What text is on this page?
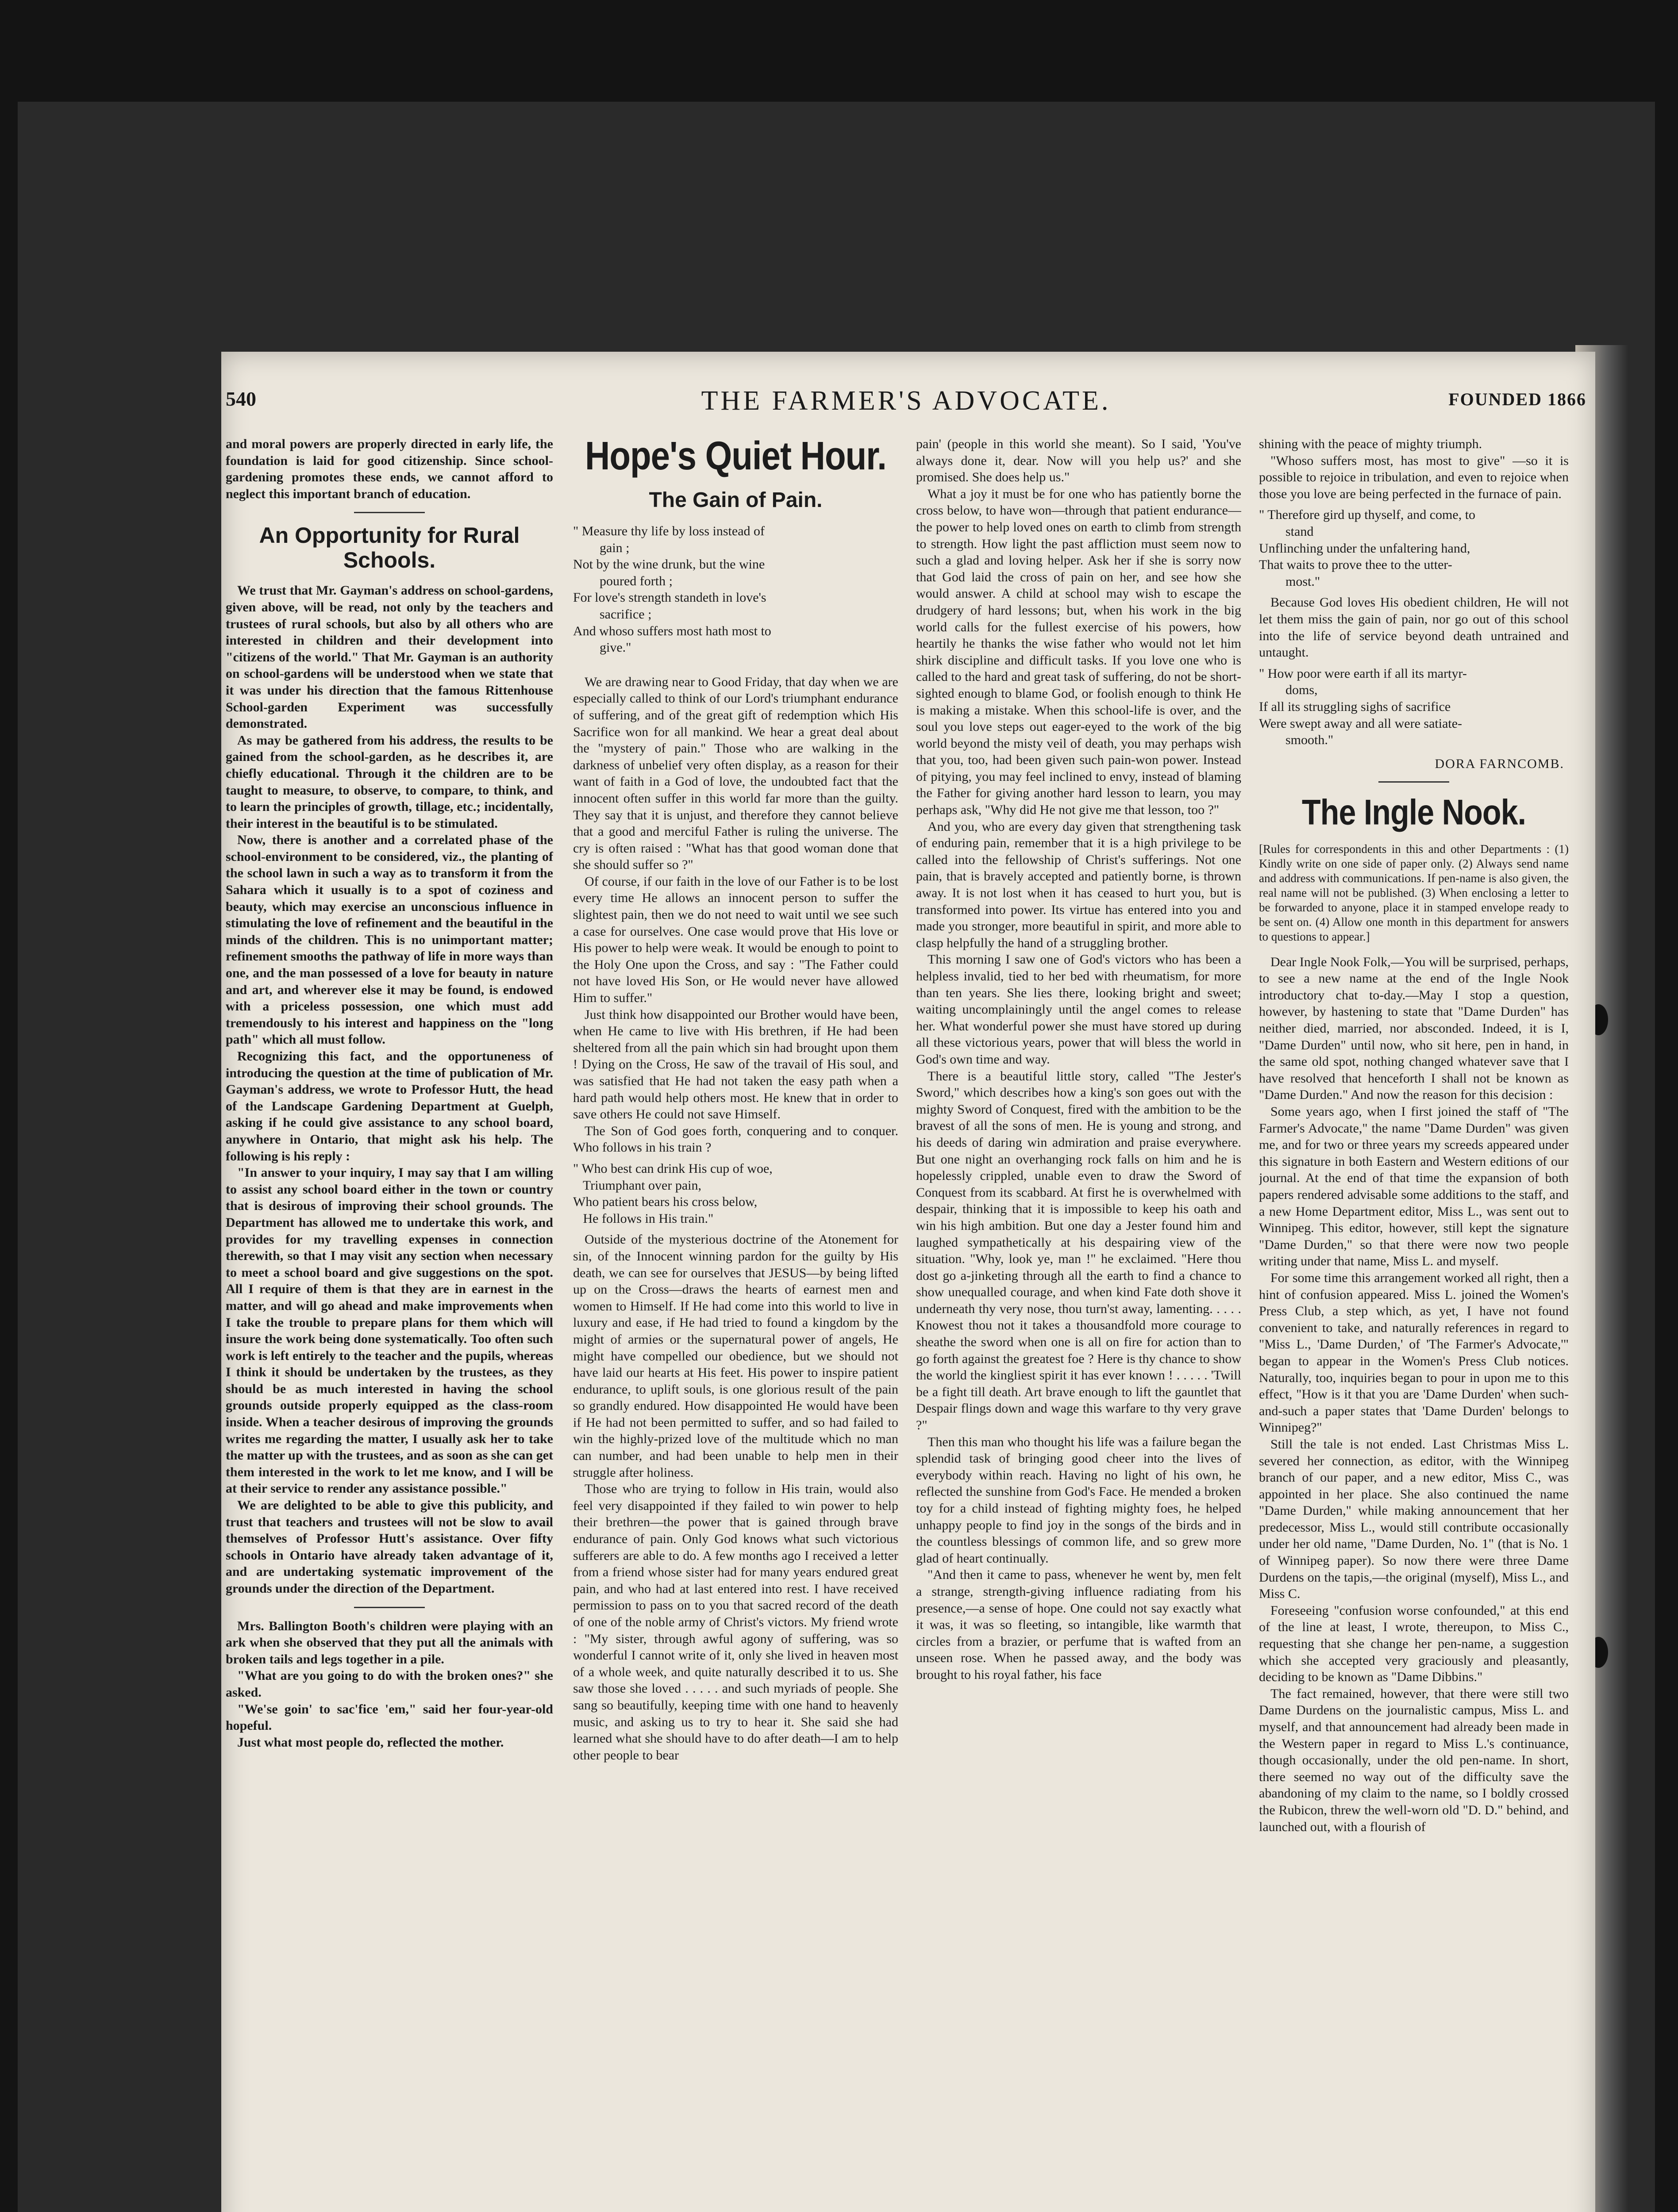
540	THE FARMER'S ADVOCATE.	FOUNDED 1866

and moral powers are properly directed in early life, the foundation is laid for good citizenship. Since school-gardening promotes these ends, we cannot afford to neglect this important branch of education.

An Opportunity for Rural Schools.

We trust that Mr. Gayman's address on school-gardens, given above, will be read, not only by the teachers and trustees of rural schools, but also by all others who are interested in children and their development into "citizens of the world." That Mr. Gayman is an authority on school-gardens will be understood when we state that it was under his direction that the famous Rittenhouse School-garden Experiment was successfully demonstrated.

As may be gathered from his address, the results to be gained from the school-garden, as he describes it, are chiefly educational. Through it the children are to be taught to measure, to observe, to compare, to think, and to learn the principles of growth, tillage, etc.; incidentally, their interest in the beautiful is to be stimulated.

Now, there is another and a correlated phase of the school-environment to be considered, viz., the planting of the school lawn in such a way as to transform it from the Sahara which it usually is to a spot of coziness and beauty, which may exercise an unconscious influence in stimulating the love of refinement and the beautiful in the minds of the children. This is no unimportant matter; refinement smooths the pathway of life in more ways than one, and the man possessed of a love for beauty in nature and art, and wherever else it may be found, is endowed with a priceless possession, one which must add tremendously to his interest and happiness on the "long path" which all must follow.

Recognizing this fact, and the opportuneness of introducing the question at the time of publication of Mr. Gayman's address, we wrote to Professor Hutt, the head of the Landscape Gardening Department at Guelph, asking if he could give assistance to any school board, anywhere in Ontario, that might ask his help. The following is his reply :

"In answer to your inquiry, I may say that I am willing to assist any school board either in the town or country that is desirous of improving their school grounds. The Department has allowed me to undertake this work, and provides for my travelling expenses in connection therewith, so that I may visit any section when necessary to meet a school board and give suggestions on the spot. All I require of them is that they are in earnest in the matter, and will go ahead and make improvements when I take the trouble to prepare plans for them which will insure the work being done systematically. Too often such work is left entirely to the teacher and the pupils, whereas I think it should be undertaken by the trustees, as they should be as much interested in having the school grounds outside properly equipped as the class-room inside. When a teacher desirous of improving the grounds writes me regarding the matter, I usually ask her to take the matter up with the trustees, and as soon as she can get them interested in the work to let me know, and I will be at their service to render any assistance possible."

We are delighted to be able to give this publicity, and trust that teachers and trustees will not be slow to avail themselves of Professor Hutt's assistance. Over fifty schools in Ontario have already taken advantage of it, and are undertaking systematic improvement of the grounds under the direction of the Department.

Mrs. Ballington Booth's children were playing with an ark when she observed that they put all the animals with broken tails and legs together in a pile.

"What are you going to do with the broken ones?" she asked.

"We'se goin' to sac'fice 'em," said her four-year-old hopeful.

Just what most people do, reflected the mother.

Hope's Quiet Hour.
The Gain of Pain.
" Measure thy life by loss instead of
gain ;
Not by the wine drunk, but the wine
poured forth ;
For love's strength standeth in love's
sacrifice ;
And whoso suffers most hath most to
give."

We are drawing near to Good Friday, that day when we are especially called to think of our Lord's triumphant endurance of suffering, and of the great gift of redemption which His Sacrifice won for all mankind. We hear a great deal about the "mystery of pain." Those who are walking in the darkness of unbelief very often display, as a reason for their want of faith in a God of love, the undoubted fact that the innocent often suffer in this world far more than the guilty. They say that it is unjust, and therefore they cannot believe that a good and merciful Father is ruling the universe. The cry is often raised : "What has that good woman done that she should suffer so ?"

Of course, if our faith in the love of our Father is to be lost every time He allows an innocent person to suffer the slightest pain, then we do not need to wait until we see such a case for ourselves. One case would prove that His love or His power to help were weak. It would be enough to point to the Holy One upon the Cross, and say : "The Father could not have loved His Son, or He would never have allowed Him to suffer."

Just think how disappointed our Brother would have been, when He came to live with His brethren, if He had been sheltered from all the pain which sin had brought upon them ! Dying on the Cross, He saw of the travail of His soul, and was satisfied that He had not taken the easy path when a hard path would help others most. He knew that in order to save others He could not save Himself.

The Son of God goes forth, conquering and to conquer. Who follows in his train ?

" Who best can drink His cup of woe,
Triumphant over pain,
Who patient bears his cross below,
He follows in His train."

Outside of the mysterious doctrine of the Atonement for sin, of the Innocent winning pardon for the guilty by His death, we can see for ourselves that JESUS—by being lifted up on the Cross—draws the hearts of earnest men and women to Himself. If He had come into this world to live in luxury and ease, if He had tried to found a kingdom by the might of armies or the supernatural power of angels, He might have compelled our obedience, but we should not have laid our hearts at His feet. His power to inspire patient endurance, to uplift souls, is one glorious result of the pain so grandly endured. How disappointed He would have been if He had not been permitted to suffer, and so had failed to win the highly-prized love of the multitude which no man can number, and had been unable to help men in their struggle after holiness.

Those who are trying to follow in His train, would also feel very disappointed if they failed to win power to help their brethren—the power that is gained through brave endurance of pain. Only God knows what such victorious sufferers are able to do. A few months ago I received a letter from a friend whose sister had for many years endured great pain, and who had at last entered into rest. I have received permission to pass on to you that sacred record of the death of one of the noble army of Christ's victors. My friend wrote : "My sister, through awful agony of suffering, was so wonderful I cannot write of it, only she lived in heaven most of a whole week, and quite naturally described it to us. She saw those she loved . . . . . and such myriads of people. She sang so beautifully, keeping time with one hand to heavenly music, and asking us to try to hear it. She said she had learned what she should have to do after death—I am to help other people to bear

pain' (people in this world she meant). So I said, 'You've always done it, dear. Now will you help us?' and she promised. She does help us."

What a joy it must be for one who has patiently borne the cross below, to have won—through that patient endurance—the power to help loved ones on earth to climb from strength to strength. How light the past affliction must seem now to such a glad and loving helper. Ask her if she is sorry now that God laid the cross of pain on her, and see how she would answer. A child at school may wish to escape the drudgery of hard lessons; but, when his work in the big world calls for the fullest exercise of his powers, how heartily he thanks the wise father who would not let him shirk discipline and difficult tasks. If you love one who is called to the hard and great task of suffering, do not be short-sighted enough to blame God, or foolish enough to think He is making a mistake. When this school-life is over, and the soul you love steps out eager-eyed to the work of the big world beyond the misty veil of death, you may perhaps wish that you, too, had been given such pain-won power. Instead of pitying, you may feel inclined to envy, instead of blaming the Father for giving another hard lesson to learn, you may perhaps ask, "Why did He not give me that lesson, too ?"

And you, who are every day given that strengthening task of enduring pain, remember that it is a high privilege to be called into the fellowship of Christ's sufferings. Not one pain, that is bravely accepted and patiently borne, is thrown away. It is not lost when it has ceased to hurt you, but is transformed into power. Its virtue has entered into you and made you stronger, more beautiful in spirit, and more able to clasp helpfully the hand of a struggling brother.

This morning I saw one of God's victors who has been a helpless invalid, tied to her bed with rheumatism, for more than ten years. She lies there, looking bright and sweet; waiting uncomplainingly until the angel comes to release her. What wonderful power she must have stored up during all these victorious years, power that will bless the world in God's own time and way.

There is a beautiful little story, called "The Jester's Sword," which describes how a king's son goes out with the mighty Sword of Conquest, fired with the ambition to be the bravest of all the sons of men. He is young and strong, and his deeds of daring win admiration and praise everywhere. But one night an overhanging rock falls on him and he is hopelessly crippled, unable even to draw the Sword of Conquest from its scabbard. At first he is overwhelmed with despair, thinking that it is impossible to keep his oath and win his high ambition. But one day a Jester found him and laughed sympathetically at his despairing view of the situation. "Why, look ye, man !" he exclaimed. "Here thou dost go a-jinketing through all the earth to find a chance to show unequalled courage, and when kind Fate doth shove it underneath thy very nose, thou turn'st away, lamenting. . . . . Knowest thou not it takes a thousandfold more courage to sheathe the sword when one is all on fire for action than to go forth against the greatest foe ? Here is thy chance to show the world the kingliest spirit it has ever known ! . . . . . 'Twill be a fight till death. Art brave enough to lift the gauntlet that Despair flings down and wage this warfare to thy very grave ?"

Then this man who thought his life was a failure began the splendid task of bringing good cheer into the lives of everybody within reach. Having no light of his own, he reflected the sunshine from God's Face. He mended a broken toy for a child instead of fighting mighty foes, he helped unhappy people to find joy in the songs of the birds and in the countless blessings of common life, and so grew more glad of heart continually.

"And then it came to pass, whenever he went by, men felt a strange, strength-giving influence radiating from his presence,—a sense of hope. One could not say exactly what it was, it was so fleeting, so intangible, like warmth that circles from a brazier, or perfume that is wafted from an unseen rose. When he passed away, and the body was brought to his royal father, his face

shining with the peace of mighty triumph.

"Whoso suffers most, has most to give" —so it is possible to rejoice in tribulation, and even to rejoice when those you love are being perfected in the furnace of pain.

" Therefore gird up thyself, and come, to
stand
Unflinching under the unfaltering hand,
That waits to prove thee to the utter-
most."

Because God loves His obedient children, He will not let them miss the gain of pain, nor go out of this school into the life of service beyond death untrained and untaught.

" How poor were earth if all its martyr-
doms,
If all its struggling sighs of sacrifice
Were swept away and all were satiate-
smooth."
DORA FARNCOMB.
The Ingle Nook.

[Rules for correspondents in this and other Departments : (1) Kindly write on one side of paper only. (2) Always send name and address with communications. If pen-name is also given, the real name will not be published. (3) When enclosing a letter to be forwarded to anyone, place it in stamped envelope ready to be sent on. (4) Allow one month in this department for answers to questions to appear.]

Dear Ingle Nook Folk,—You will be surprised, perhaps, to see a new name at the end of the Ingle Nook introductory chat to-day.—May I stop a question, however, by hastening to state that "Dame Durden" has neither died, married, nor absconded. Indeed, it is I, "Dame Durden" until now, who sit here, pen in hand, in the same old spot, nothing changed whatever save that I have resolved that henceforth I shall not be known as "Dame Durden." And now the reason for this decision :

Some years ago, when I first joined the staff of "The Farmer's Advocate," the name "Dame Durden" was given me, and for two or three years my screeds appeared under this signature in both Eastern and Western editions of our journal. At the end of that time the expansion of both papers rendered advisable some additions to the staff, and a new Home Department editor, Miss L., was sent out to Winnipeg. This editor, however, still kept the signature "Dame Durden," so that there were now two people writing under that name, Miss L. and myself.

For some time this arrangement worked all right, then a hint of confusion appeared. Miss L. joined the Women's Press Club, a step which, as yet, I have not found convenient to take, and naturally references in regard to "Miss L., 'Dame Durden,' of 'The Farmer's Advocate,'" began to appear in the Women's Press Club notices. Naturally, too, inquiries began to pour in upon me to this effect, "How is it that you are 'Dame Durden' when such-and-such a paper states that 'Dame Durden' belongs to Winnipeg?"

Still the tale is not ended. Last Christmas Miss L. severed her connection, as editor, with the Winnipeg branch of our paper, and a new editor, Miss C., was appointed in her place. She also continued the name "Dame Durden," while making announcement that her predecessor, Miss L., would still contribute occasionally under her old name, "Dame Durden, No. 1" (that is No. 1 of Winnipeg paper). So now there were three Dame Durdens on the tapis,—the original (myself), Miss L., and Miss C.

Foreseeing "confusion worse confounded," at this end of the line at least, I wrote, thereupon, to Miss C., requesting that she change her pen-name, a suggestion which she accepted very graciously and pleasantly, deciding to be known as "Dame Dibbins."

The fact remained, however, that there were still two Dame Durdens on the journalistic campus, Miss L. and myself, and that announcement had already been made in the Western paper in regard to Miss L.'s continuance, though occasionally, under the old pen-name. In short, there seemed no way out of the difficulty save the abandoning of my claim to the name, so I boldly crossed the Rubicon, threw the well-worn old "D. D." behind, and launched out, with a flourish of
